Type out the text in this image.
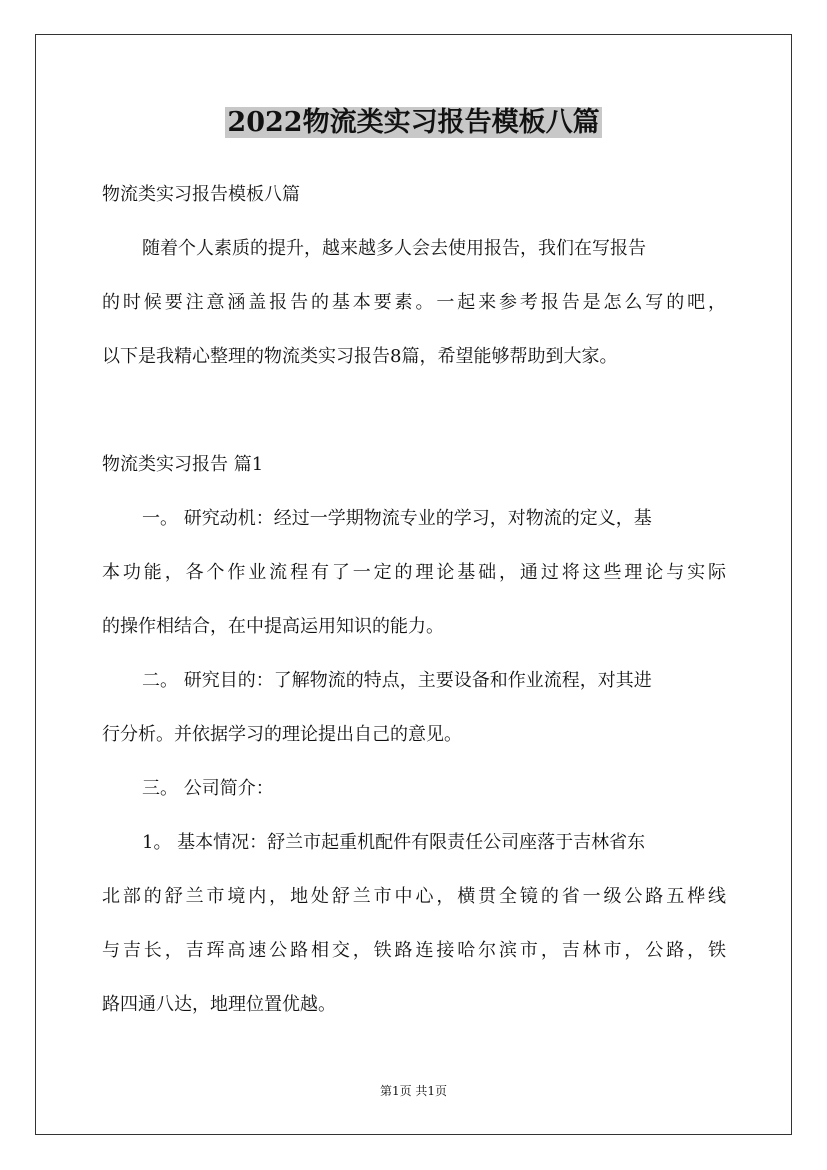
2022物流类实习报告模板八篇
物流类实习报告模板八篇
随着个人素质的提升，越来越多人会去使用报告，我们在写报告
的时候要注意涵盖报告的基本要素。一起来参考报告是怎么写的吧，
以下是我精心整理的物流类实习报告8篇，希望能够帮助到大家。
物流类实习报告 篇1
一。 研究动机：经过一学期物流专业的学习，对物流的定义，基
本功能，各个作业流程有了一定的理论基础，通过将这些理论与实际
的操作相结合，在中提高运用知识的能力。
二。 研究目的：了解物流的特点，主要设备和作业流程，对其进
行分析。并依据学习的理论提出自己的意见。
三。 公司简介：
1。 基本情况：舒兰市起重机配件有限责任公司座落于吉林省东
北部的舒兰市境内，地处舒兰市中心，横贯全镜的省一级公路五桦线
与吉长，吉珲高速公路相交，铁路连接哈尔滨市，吉林市，公路，铁
路四通八达，地理位置优越。
第1页 共1页
